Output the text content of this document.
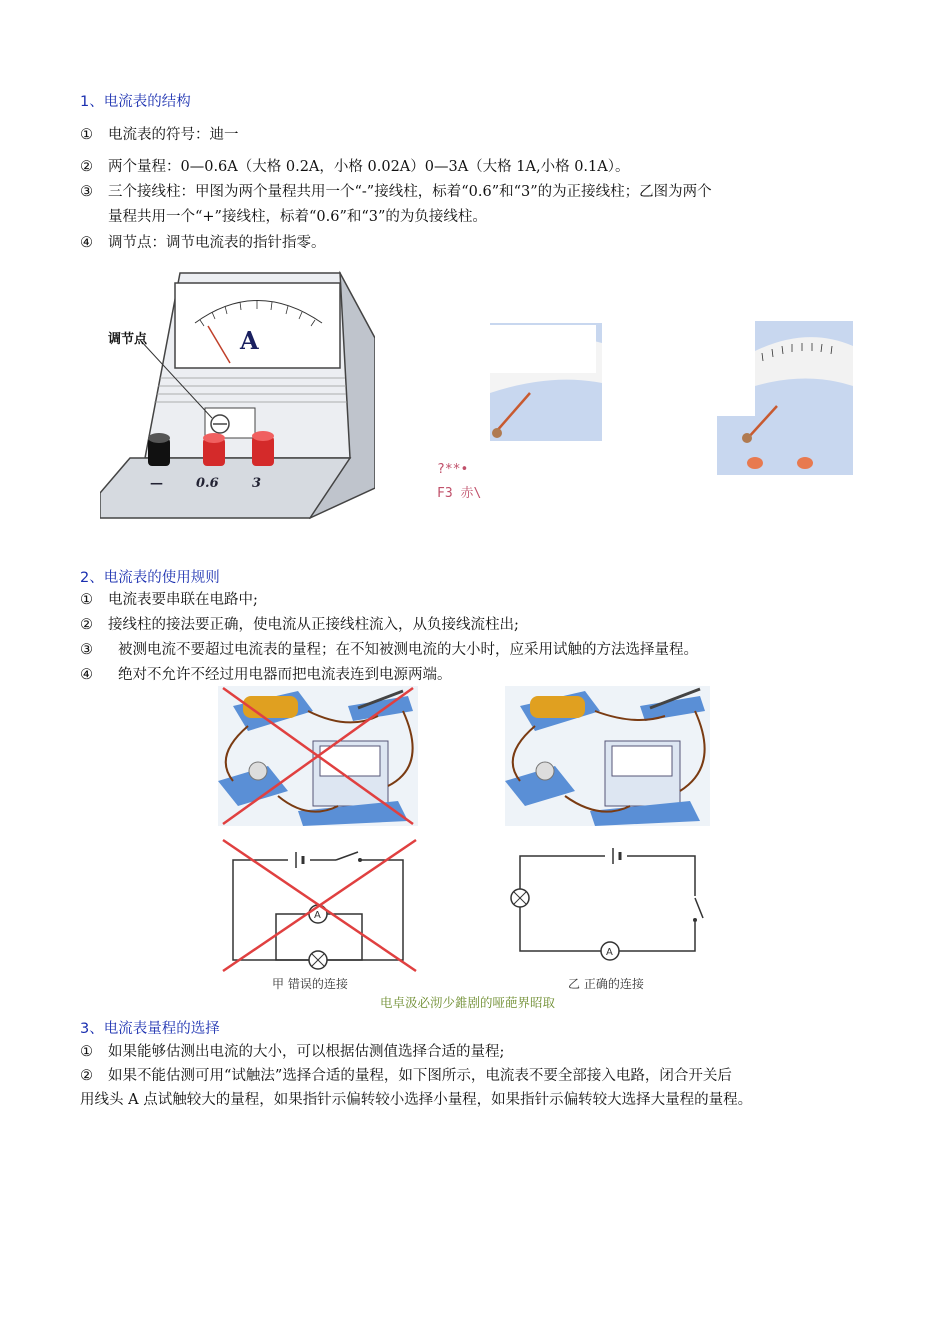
1、电流表的结构
① 电流表的符号：迪一
② 两个量程：0—0.6A（大格 0.2A，小格 0.02A）0—3A（大格 1A,小格 0.1A）。
③ 三个接线柱：甲图为两个量程共用一个“-”接线柱，标着“0.6”和“3”的为正接线柱；乙图为两个
量程共用一个“+”接线柱，标着“0.6”和“3”的为负接线柱。
④ 调节点：调节电流表的指针指零。
调节点	A
—	0.6	3
?**•
F3 赤\
2、电流表的使用规则
① 电流表要串联在电路中;
② 接线柱的接法要正确，使电流从正接线柱流入，从负接线流柱出;
③ 被测电流不要超过电流表的量程；在不知被测电流的大小时，应采用试触的方法选择量程。
④ 绝对不允许不经过用电器而把电流表连到电源两端。
A
甲 错误的连接
A
乙 正确的连接
电卓汲必沏少錐剧的哑葩界昭取
3、电流表量程的选择
① 如果能够估测出电流的大小，可以根据估测值选择合适的量程;
② 如果不能估测可用“试触法”选择合适的量程，如下图所示，电流表不要全部接入电路，闭合开关后
用线头 A 点试触较大的量程，如果指针示偏转较小选择小量程，如果指针示偏转较大选择大量程的量程。
